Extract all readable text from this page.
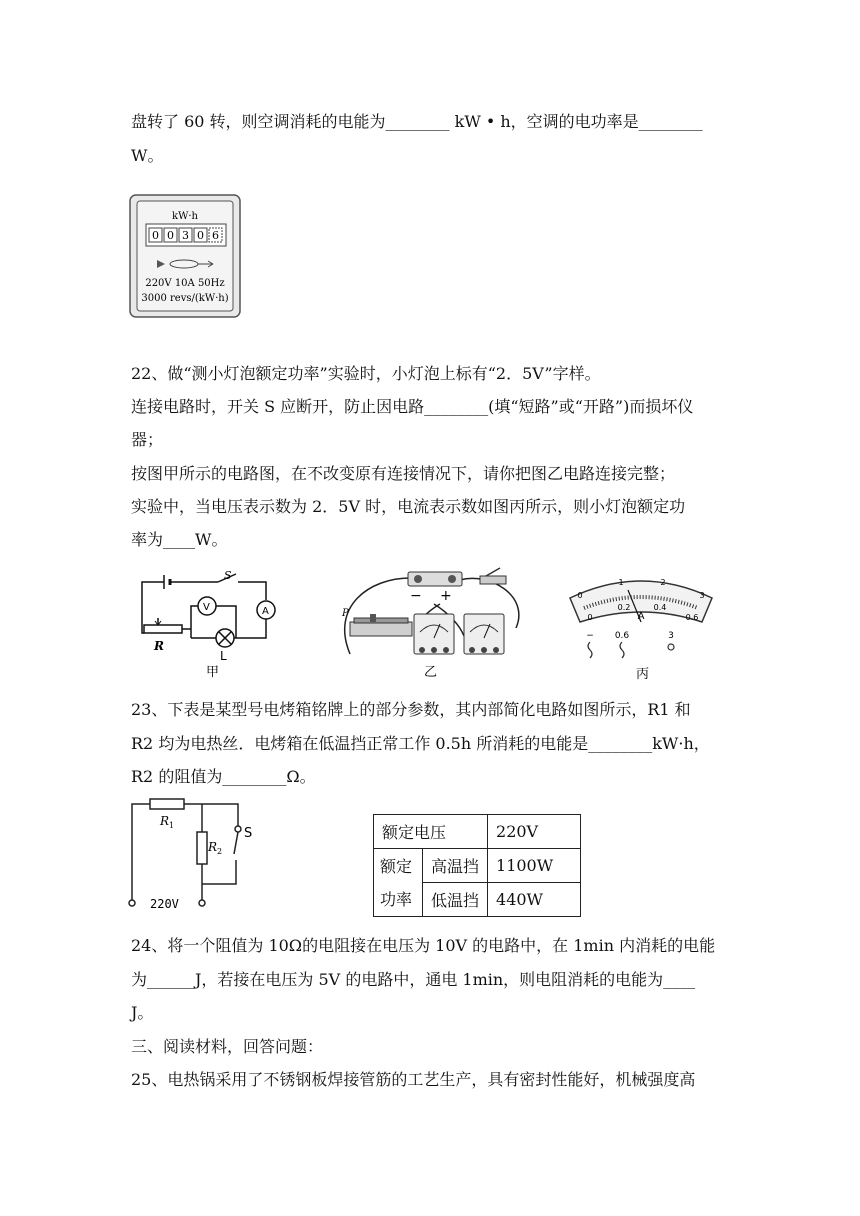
盘转了 60 转，则空调消耗的电能为________ kW • h，空调的电功率是________
W。
kW·h
0 0 3 0 6
220V 10A 50Hz
3000 revs/(kW·h)
22、做“测小灯泡额定功率”实验时，小灯泡上标有“2．5V”字样。
连接电路时，开关 S 应断开，防止因电路________(填“短路”或“开路”)而损坏仪
器；
按图甲所示的电路图，在不改变原有连接情况下，请你把图乙电路连接完整；
实验中，当电压表示数为 2．5V 时，电流表示数如图丙所示，则小灯泡额定功
率为____W。
S
A
V
R
L
甲
− +
P
乙
0
1	2
3
0
0.2	0.4
0.6
A
− 0.6	3
丙
23、下表是某型号电烤箱铭牌上的部分参数，其内部简化电路如图所示，R1 和
R2 均为电热丝．电烤箱在低温挡正常工作 0.5h 所消耗的电能是________kW·h，
R2 的阻值为________Ω。
R 1
R 2
S
220V
额定电压		220V
额定
功率	高温挡	1100W
	低温挡	440W
24、将一个阻值为 10Ω的电阻接在电压为 10V 的电路中，在 1min 内消耗的电能
为______J，若接在电压为 5V 的电路中，通电 1min，则电阻消耗的电能为____
J。
三、阅读材料，回答问题：
25、电热锅采用了不锈钢板焊接管筋的工艺生产，具有密封性能好，机械强度高
